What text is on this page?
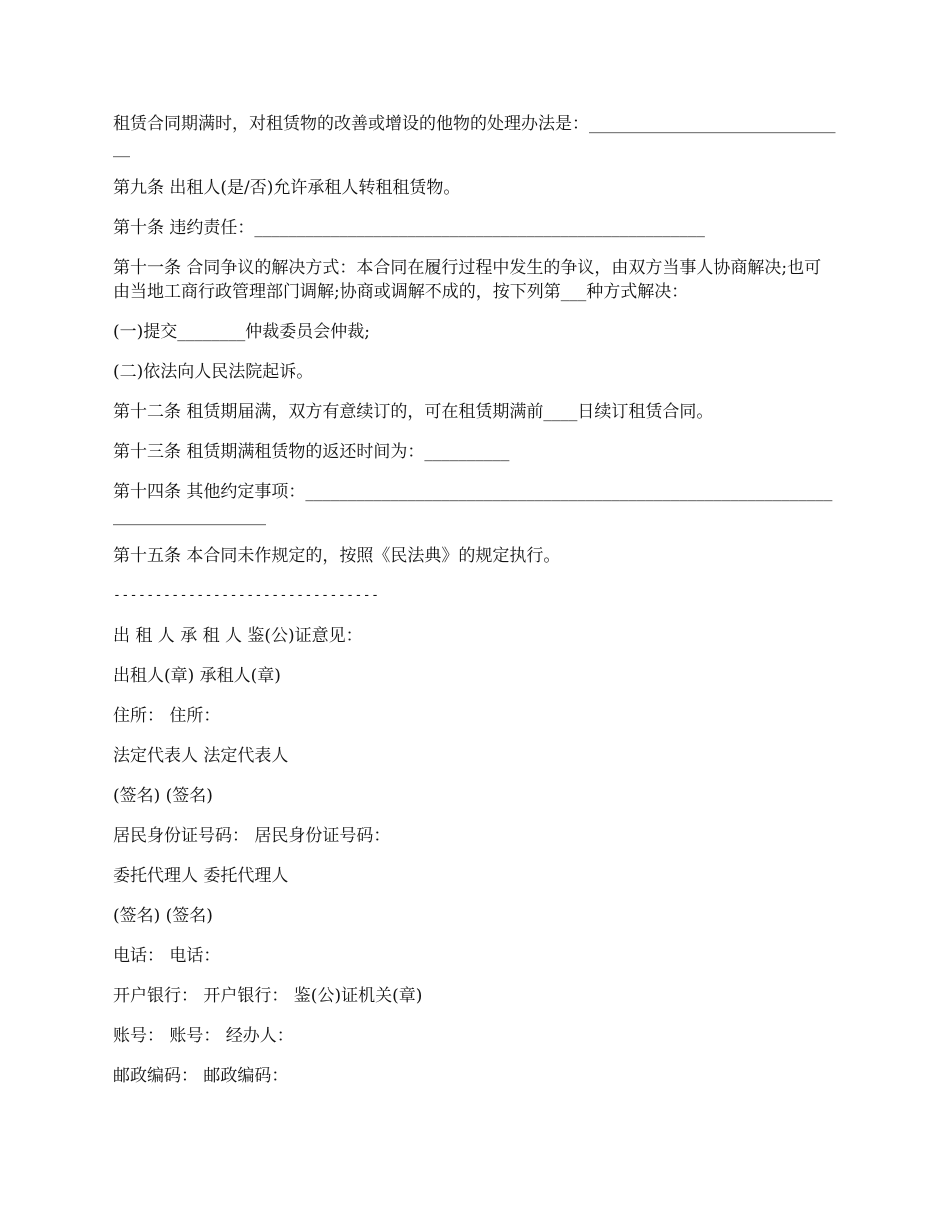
租赁合同期满时，对租赁物的改善或增设的他物的处理办法是：_______________________________

第九条 出租人(是/否)允许承租人转租租赁物。

第十条 违约责任：_____________________________________________________

第十一条 合同争议的解决方式：本合同在履行过程中发生的争议，由双方当事人协商解决;也可由当地工商行政管理部门调解;协商或调解不成的，按下列第___种方式解决：

(一)提交________仲裁委员会仲裁;

(二)依法向人民法院起诉。

第十二条 租赁期届满，双方有意续订的，可在租赁期满前____日续订租赁合同。

第十三条 租赁期满租赁物的返还时间为：__________

第十四条 其他约定事项：________________________________________________________________________________

第十五条 本合同未作规定的，按照《民法典》的规定执行。

--------------------------------

出 租 人 承 租 人 鉴(公)证意见：

出租人(章) 承租人(章)

住所： 住所：

法定代表人 法定代表人

(签名) (签名)

居民身份证号码： 居民身份证号码：

委托代理人 委托代理人

(签名) (签名)

电话： 电话：

开户银行： 开户银行： 鉴(公)证机关(章)

账号： 账号： 经办人：

邮政编码： 邮政编码：
